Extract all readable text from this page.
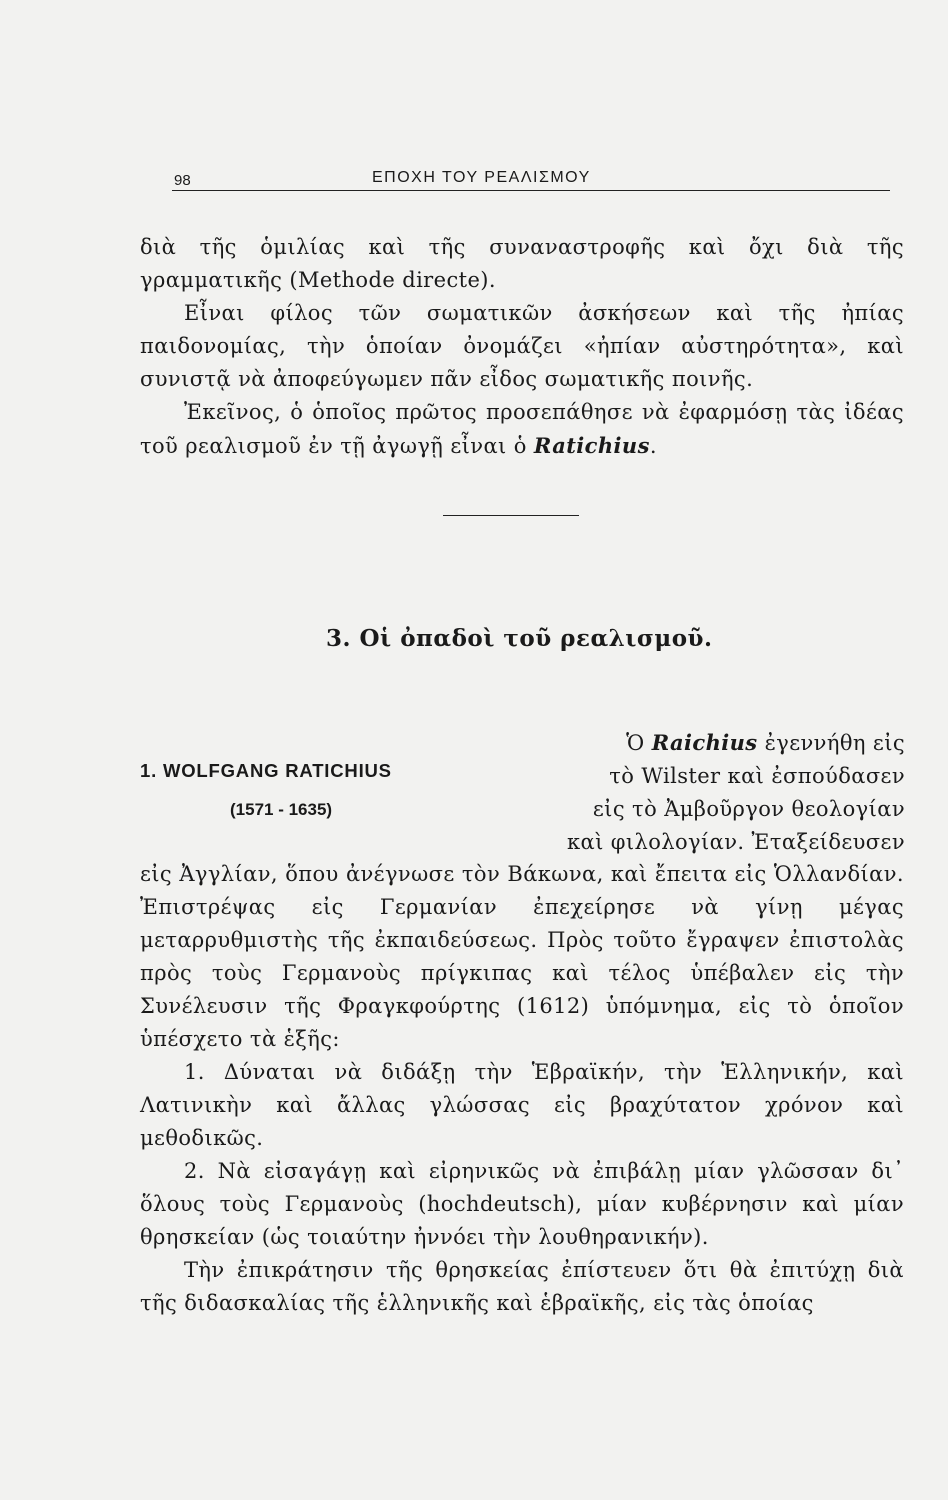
98	ΕΠΟΧΗ ΤΟΥ ΡΕΑΛΙΣΜΟΥ

διὰ τῆς ὁμιλίας καὶ τῆς συναναστροφῆς καὶ ὄχι διὰ τῆς γραμματικῆς (Methode directe).

Εἶναι φίλος τῶν σωματικῶν ἀσκήσεων καὶ τῆς ἠπίας παιδονομίας, τὴν ὁποίαν ὀνομάζει «ἠπίαν αὐστηρότητα», καὶ συνιστᾷ νὰ ἀποφεύγωμεν πᾶν εἶδος σωματικῆς ποινῆς.

Ἐκεῖνος, ὁ ὁποῖος πρῶτος προσεπάθησε νὰ ἐφαρμόσῃ τὰς ἰδέας τοῦ ρεαλισμοῦ ἐν τῇ ἀγωγῇ εἶναι ὁ Ratichius.

3. Οἱ ὀπαδοὶ τοῦ ρεαλισμοῦ.

1. WOLFGANG RATICHIUS

(1571 - 1635)

Ὁ Raichius ἐγεννήθη εἰς

τὸ Wilster καὶ ἐσπούδασεν

εἰς τὸ Ἀμβοῦργον θεολογίαν

καὶ φιλολογίαν. Ἐταξείδευσεν

εἰς Ἀγγλίαν, ὅπου ἀνέγνωσε τὸν Βάκωνα, καὶ ἔπειτα εἰς Ὁλλανδίαν. Ἐπιστρέψας εἰς Γερμανίαν ἐπεχείρησε νὰ γίνῃ μέγας μεταρρυθμιστὴς τῆς ἐκπαιδεύσεως. Πρὸς τοῦτο ἔγραψεν ἐπιστολὰς πρὸς τοὺς Γερμανοὺς πρίγκιπας καὶ τέλος ὑπέβαλεν εἰς τὴν Συνέλευσιν τῆς Φραγκφούρτης (1612) ὑπόμνημα, εἰς τὸ ὁποῖον ὑπέσχετο τὰ ἑξῆς:

1. Δύναται νὰ διδάξῃ τὴν Ἑβραϊκήν, τὴν Ἑλληνικήν, καὶ Λατινικὴν καὶ ἄλλας γλώσσας εἰς βραχύτατον χρόνον καὶ μεθοδικῶς.

2. Νὰ εἰσαγάγῃ καὶ εἰρηνικῶς νὰ ἐπιβάλῃ μίαν γλῶσσαν δι᾽ ὅλους τοὺς Γερμανοὺς (hochdeutsch), μίαν κυβέρνησιν καὶ μίαν θρησκείαν (ὡς τοιαύτην ἠννόει τὴν λουθηρανικήν).

Τὴν ἐπικράτησιν τῆς θρησκείας ἐπίστευεν ὅτι θὰ ἐπιτύχῃ διὰ τῆς διδασκαλίας τῆς ἑλληνικῆς καὶ ἑβραϊκῆς, εἰς τὰς ὁποίας
